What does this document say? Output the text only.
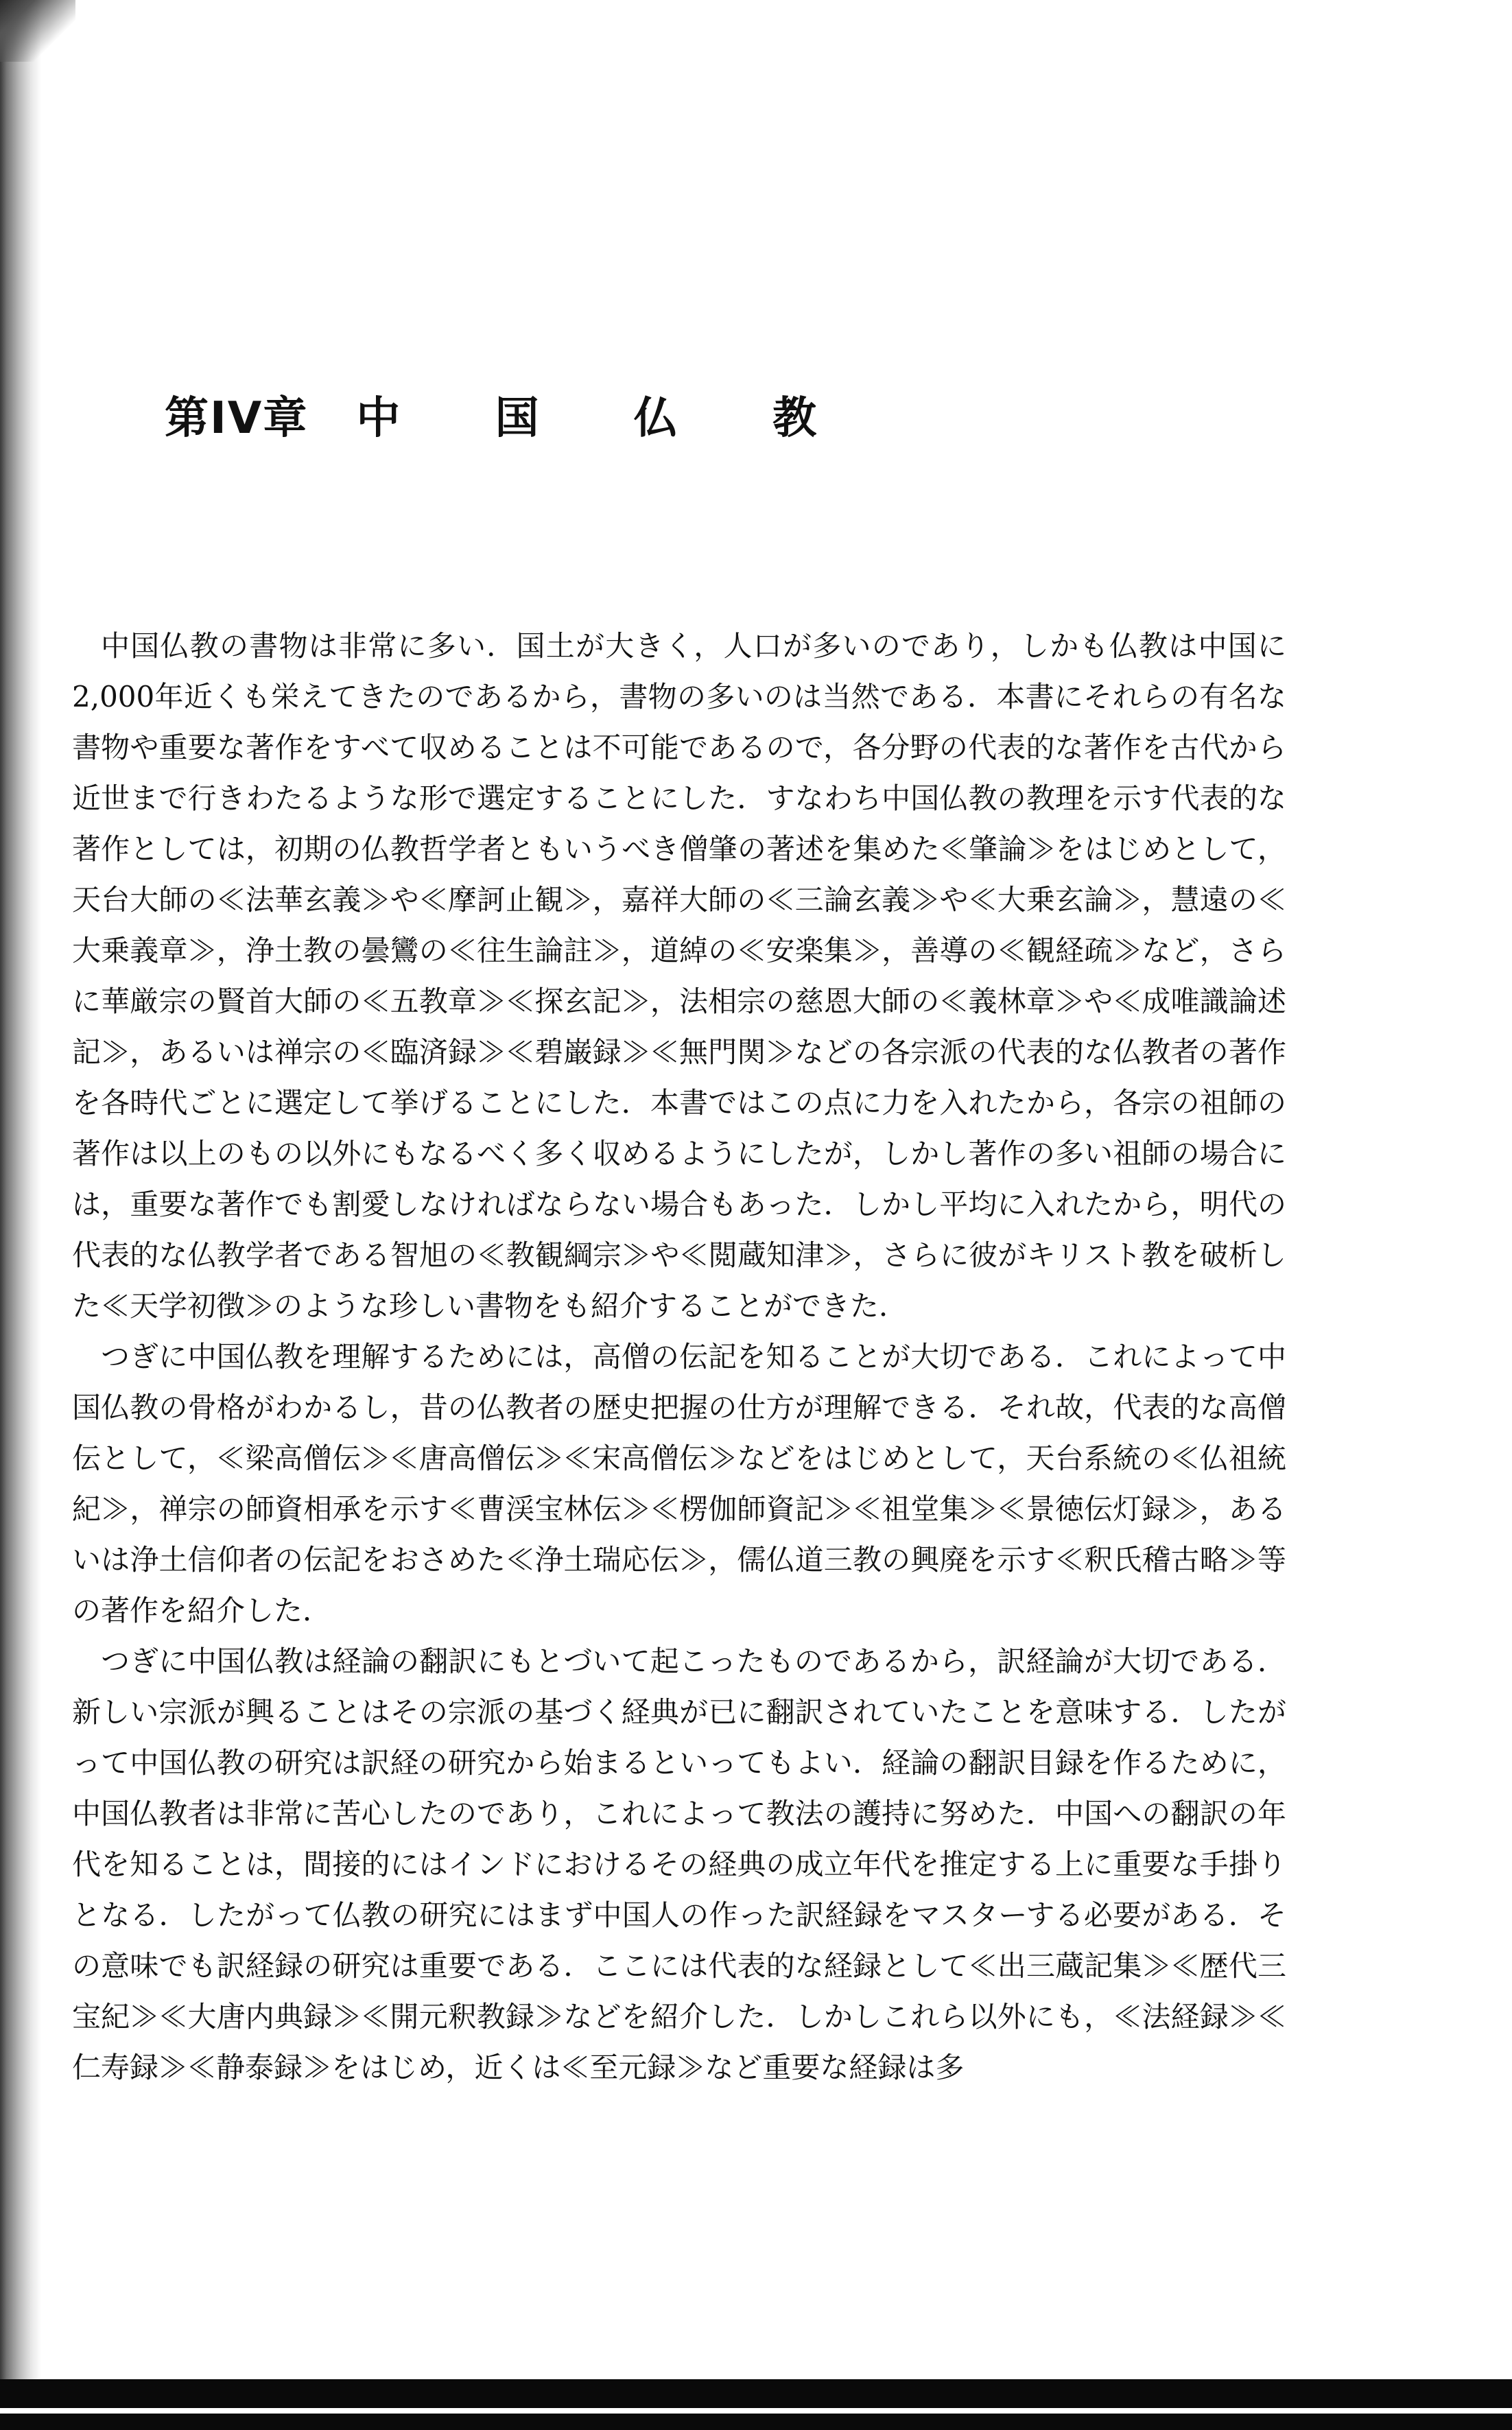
第IV章 中 国 仏 教

中国仏教の書物は非常に多い．国土が大きく，人口が多いのであり，しかも仏教は中国に2,000年近くも栄えてきたのであるから，書物の多いのは当然である．本書にそれらの有名な書物や重要な著作をすべて収めることは不可能であるので，各分野の代表的な著作を古代から近世まで行きわたるような形で選定することにした．すなわち中国仏教の教理を示す代表的な著作としては，初期の仏教哲学者ともいうべき僧肇の著述を集めた≪肇論≫をはじめとして，天台大師の≪法華玄義≫や≪摩訶止観≫，嘉祥大師の≪三論玄義≫や≪大乗玄論≫，慧遠の≪大乗義章≫，浄土教の曇鸞の≪往生論註≫，道綽の≪安楽集≫，善導の≪観経疏≫など，さらに華厳宗の賢首大師の≪五教章≫≪探玄記≫，法相宗の慈恩大師の≪義林章≫や≪成唯識論述記≫，あるいは禅宗の≪臨済録≫≪碧巌録≫≪無門関≫などの各宗派の代表的な仏教者の著作を各時代ごとに選定して挙げることにした．本書ではこの点に力を入れたから，各宗の祖師の著作は以上のもの以外にもなるべく多く収めるようにしたが，しかし著作の多い祖師の場合には，重要な著作でも割愛しなければならない場合もあった．しかし平均に入れたから，明代の代表的な仏教学者である智旭の≪教観綱宗≫や≪閲蔵知津≫，さらに彼がキリスト教を破析した≪天学初徴≫のような珍しい書物をも紹介することができた．

つぎに中国仏教を理解するためには，高僧の伝記を知ることが大切である．これによって中国仏教の骨格がわかるし，昔の仏教者の歴史把握の仕方が理解できる．それ故，代表的な高僧伝として，≪梁高僧伝≫≪唐高僧伝≫≪宋高僧伝≫などをはじめとして，天台系統の≪仏祖統紀≫，禅宗の師資相承を示す≪曹渓宝林伝≫≪楞伽師資記≫≪祖堂集≫≪景徳伝灯録≫，あるいは浄土信仰者の伝記をおさめた≪浄土瑞応伝≫，儒仏道三教の興廃を示す≪釈氏稽古略≫等の著作を紹介した．

つぎに中国仏教は経論の翻訳にもとづいて起こったものであるから，訳経論が大切である．新しい宗派が興ることはその宗派の基づく経典が已に翻訳されていたことを意味する．したがって中国仏教の研究は訳経の研究から始まるといってもよい．経論の翻訳目録を作るために，中国仏教者は非常に苦心したのであり，これによって教法の護持に努めた．中国への翻訳の年代を知ることは，間接的にはインドにおけるその経典の成立年代を推定する上に重要な手掛りとなる．したがって仏教の研究にはまず中国人の作った訳経録をマスターする必要がある．その意味でも訳経録の研究は重要である．ここには代表的な経録として≪出三蔵記集≫≪歴代三宝紀≫≪大唐内典録≫≪開元釈教録≫などを紹介した．しかしこれら以外にも，≪法経録≫≪仁寿録≫≪静泰録≫をはじめ，近くは≪至元録≫など重要な経録は多
